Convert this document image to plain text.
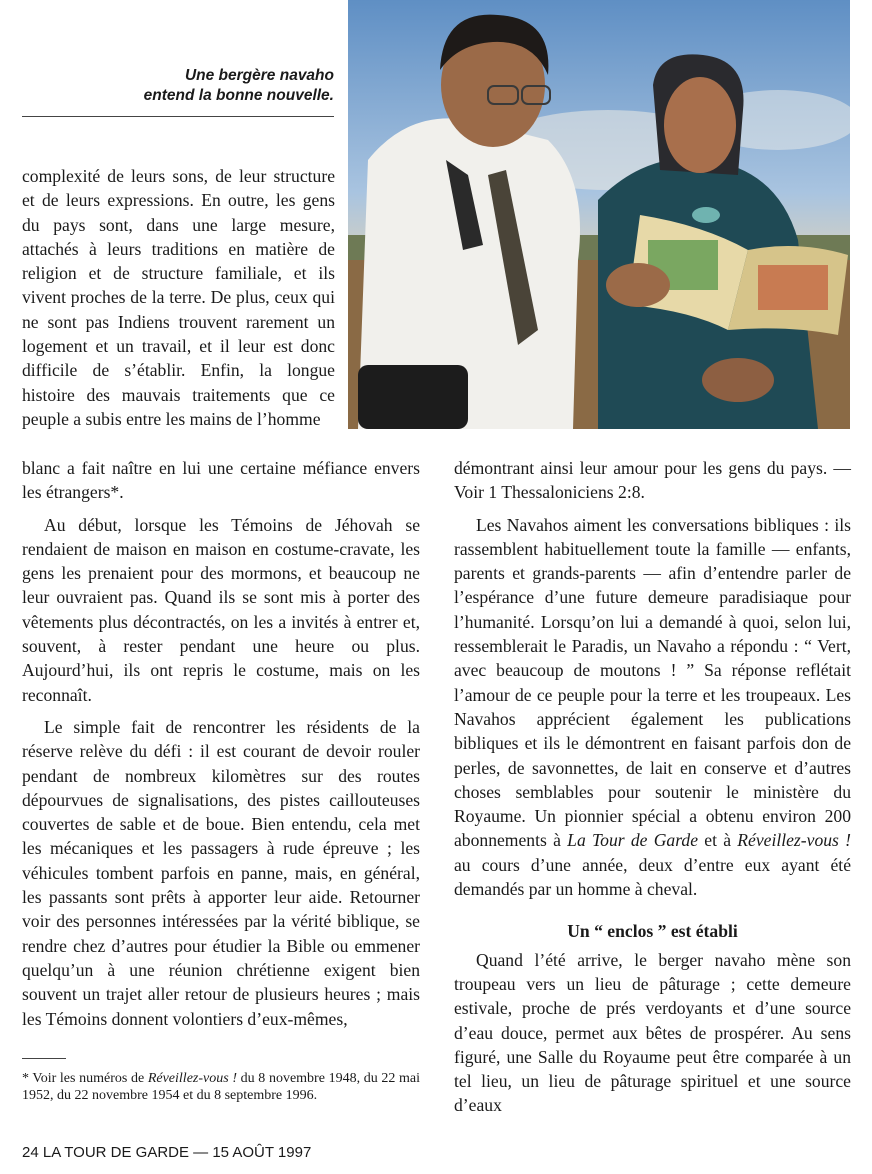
Une bergère navaho
entend la bonne nouvelle.

complexité de leurs sons, de leur structure et de leurs expressions. En outre, les gens du pays sont, dans une large mesure, attachés à leurs traditions en matière de religion et de structure familiale, et ils vivent proches de la terre. De plus, ceux qui ne sont pas Indiens trouvent rarement un logement et un travail, et il leur est donc difficile de s’établir. Enfin, la longue histoire des mauvais traitements que ce peuple a subis entre les mains de l’homme

blanc a fait naître en lui une certaine méfiance envers les étrangers*.

Au début, lorsque les Témoins de Jéhovah se rendaient de maison en maison en costume-cravate, les gens les prenaient pour des mormons, et beaucoup ne leur ouvraient pas. Quand ils se sont mis à porter des vêtements plus décontractés, on les a invités à entrer et, souvent, à rester pendant une heure ou plus. Aujourd’hui, ils ont repris le costume, mais on les reconnaît.

Le simple fait de rencontrer les résidents de la réserve relève du défi : il est courant de devoir rouler pendant de nombreux kilomètres sur des routes dépourvues de signalisations, des pistes caillouteuses couvertes de sable et de boue. Bien entendu, cela met les mécaniques et les passagers à rude épreuve ; les véhicules tombent parfois en panne, mais, en général, les passants sont prêts à apporter leur aide. Retourner voir des personnes intéressées par la vérité biblique, se rendre chez d’autres pour étudier la Bible ou emmener quelqu’un à une réunion chrétienne exigent bien souvent un trajet aller retour de plusieurs heures ; mais les Témoins donnent volontiers d’eux-mêmes,

démontrant ainsi leur amour pour les gens du pays. — Voir 1 Thessaloniciens 2:8.

Les Navahos aiment les conversations bibliques : ils rassemblent habituellement toute la famille — enfants, parents et grands-parents — afin d’entendre parler de l’espérance d’une future demeure paradisiaque pour l’humanité. Lorsqu’on lui a demandé à quoi, selon lui, ressemblerait le Paradis, un Navaho a répondu : “ Vert, avec beaucoup de moutons ! ” Sa réponse reflétait l’amour de ce peuple pour la terre et les troupeaux. Les Navahos apprécient également les publications bibliques et ils le démontrent en faisant parfois don de perles, de savonnettes, de lait en conserve et d’autres choses semblables pour soutenir le ministère du Royaume. Un pionnier spécial a obtenu environ 200 abonnements à La Tour de Garde et à Réveillez-vous ! au cours d’une année, deux d’entre eux ayant été demandés par un homme à cheval.

Un “ enclos ” est établi

Quand l’été arrive, le berger navaho mène son troupeau vers un lieu de pâturage ; cette demeure estivale, proche de prés verdoyants et d’une source d’eau douce, permet aux bêtes de prospérer. Au sens figuré, une Salle du Royaume peut être comparée à un tel lieu, un lieu de pâturage spirituel et une source d’eaux

* Voir les numéros de Réveillez-vous ! du 8 novembre 1948, du 22 mai 1952, du 22 novembre 1954 et du 8 septembre 1996.
24 LA TOUR DE GARDE — 15 AOÛT 1997
